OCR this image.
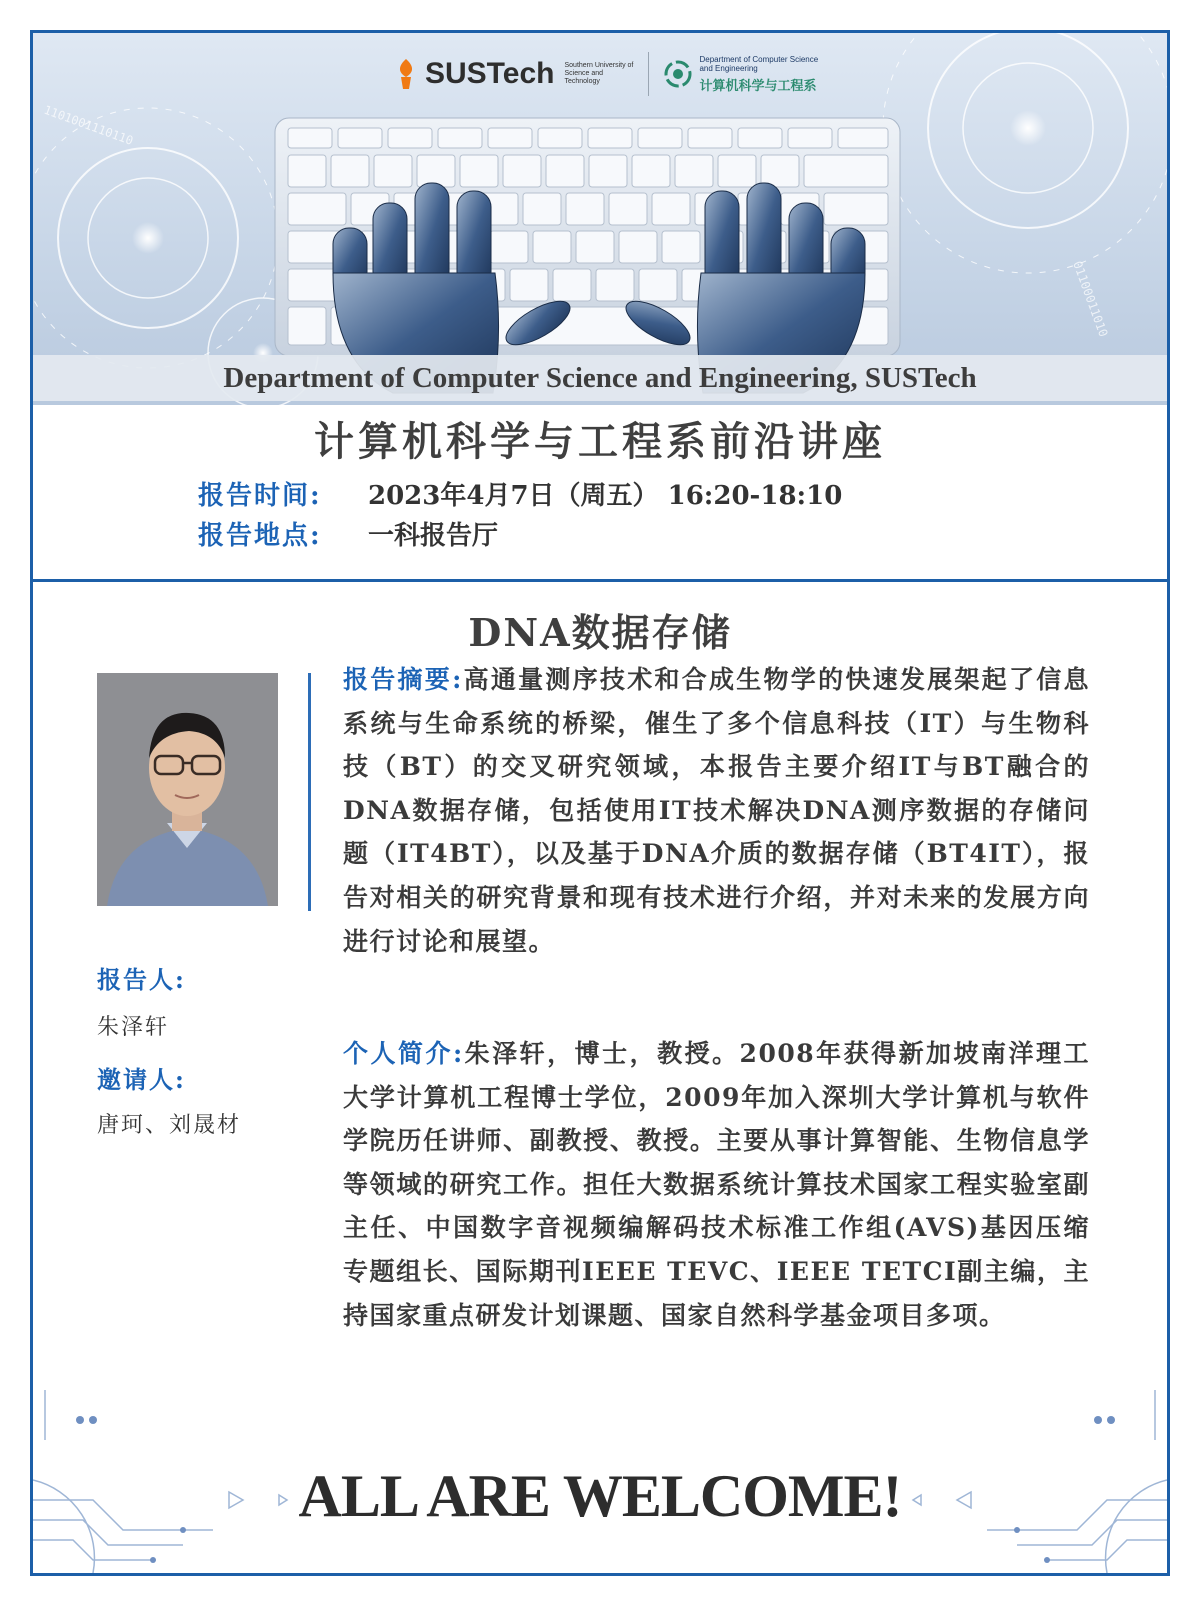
1101001110110
01100011010
SUSTech Southern University of Science and Technology
Department of Computer Science and Engineering
计算机科学与工程系
Department of Computer Science and Engineering, SUSTech
计算机科学与工程系前沿讲座
报告时间: 2023年4月7日（周五） 16:20-18:10
报告地点: 一科报告厅
DNA数据存储
报告人:
朱泽轩
邀请人:
唐珂、刘晟材
报告摘要:高通量测序技术和合成生物学的快速发展架起了信息系统与生命系统的桥梁，催生了多个信息科技（IT）与生物科技（BT）的交叉研究领域，本报告主要介绍IT与BT融合的DNA数据存储，包括使用IT技术解决DNA测序数据的存储问题（IT4BT），以及基于DNA介质的数据存储（BT4IT），报告对相关的研究背景和现有技术进行介绍，并对未来的发展方向进行讨论和展望。
个人简介:朱泽轩，博士，教授。2008年获得新加坡南洋理工大学计算机工程博士学位，2009年加入深圳大学计算机与软件学院历任讲师、副教授、教授。主要从事计算智能、生物信息学等领域的研究工作。担任大数据系统计算技术国家工程实验室副主任、中国数字音视频编解码技术标准工作组(AVS)基因压缩专题组长、国际期刊IEEE TEVC、IEEE TETCI副主编，主持国家重点研发计划课题、国家自然科学基金项目多项。
ALL ARE WELCOME!
